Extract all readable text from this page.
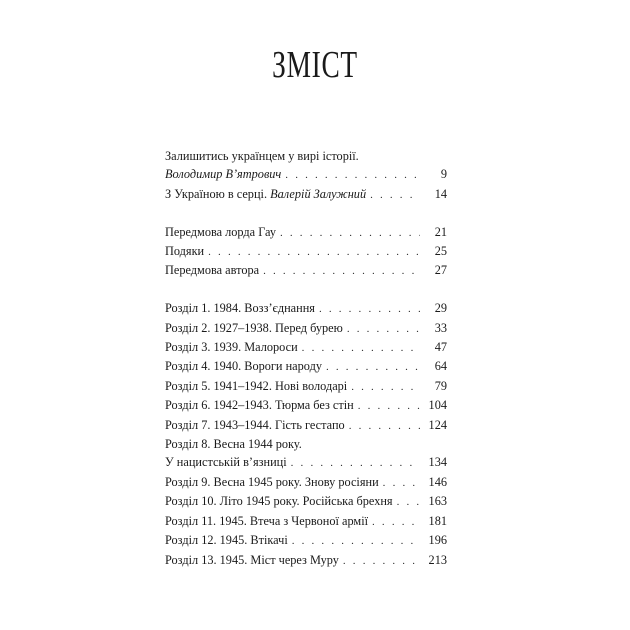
ЗМІСТ
Залишитись українцем у вирі історії.
Володимир В’ятрович . . .	9
З Україною в серці. Валерій Залужний . . .	14
Передмова лорда Гау . . .	21
Подяки . . .	25
Передмова автора . . .	27
Розділ 1. 1984. Возз’єднання . . .	29
Розділ 2. 1927–1938. Перед бурею . . .	33
Розділ 3. 1939. Малороси . . .	47
Розділ 4. 1940. Вороги народу . . .	64
Розділ 5. 1941–1942. Нові володарі . . .	79
Розділ 6. 1942–1943. Тюрма без стін . . .	104
Розділ 7. 1943–1944. Гість гестапо . . .	124
Розділ 8. Весна 1944 року.
У нацистській в’язниці . . .	134
Розділ 9. Весна 1945 року. Знову росіяни . . .	146
Розділ 10. Літо 1945 року. Російська брехня . . .	163
Розділ 11. 1945. Втеча з Червоної армії . . .	181
Розділ 12. 1945. Втікачі . . .	196
Розділ 13. 1945. Міст через Муру . . .	213
